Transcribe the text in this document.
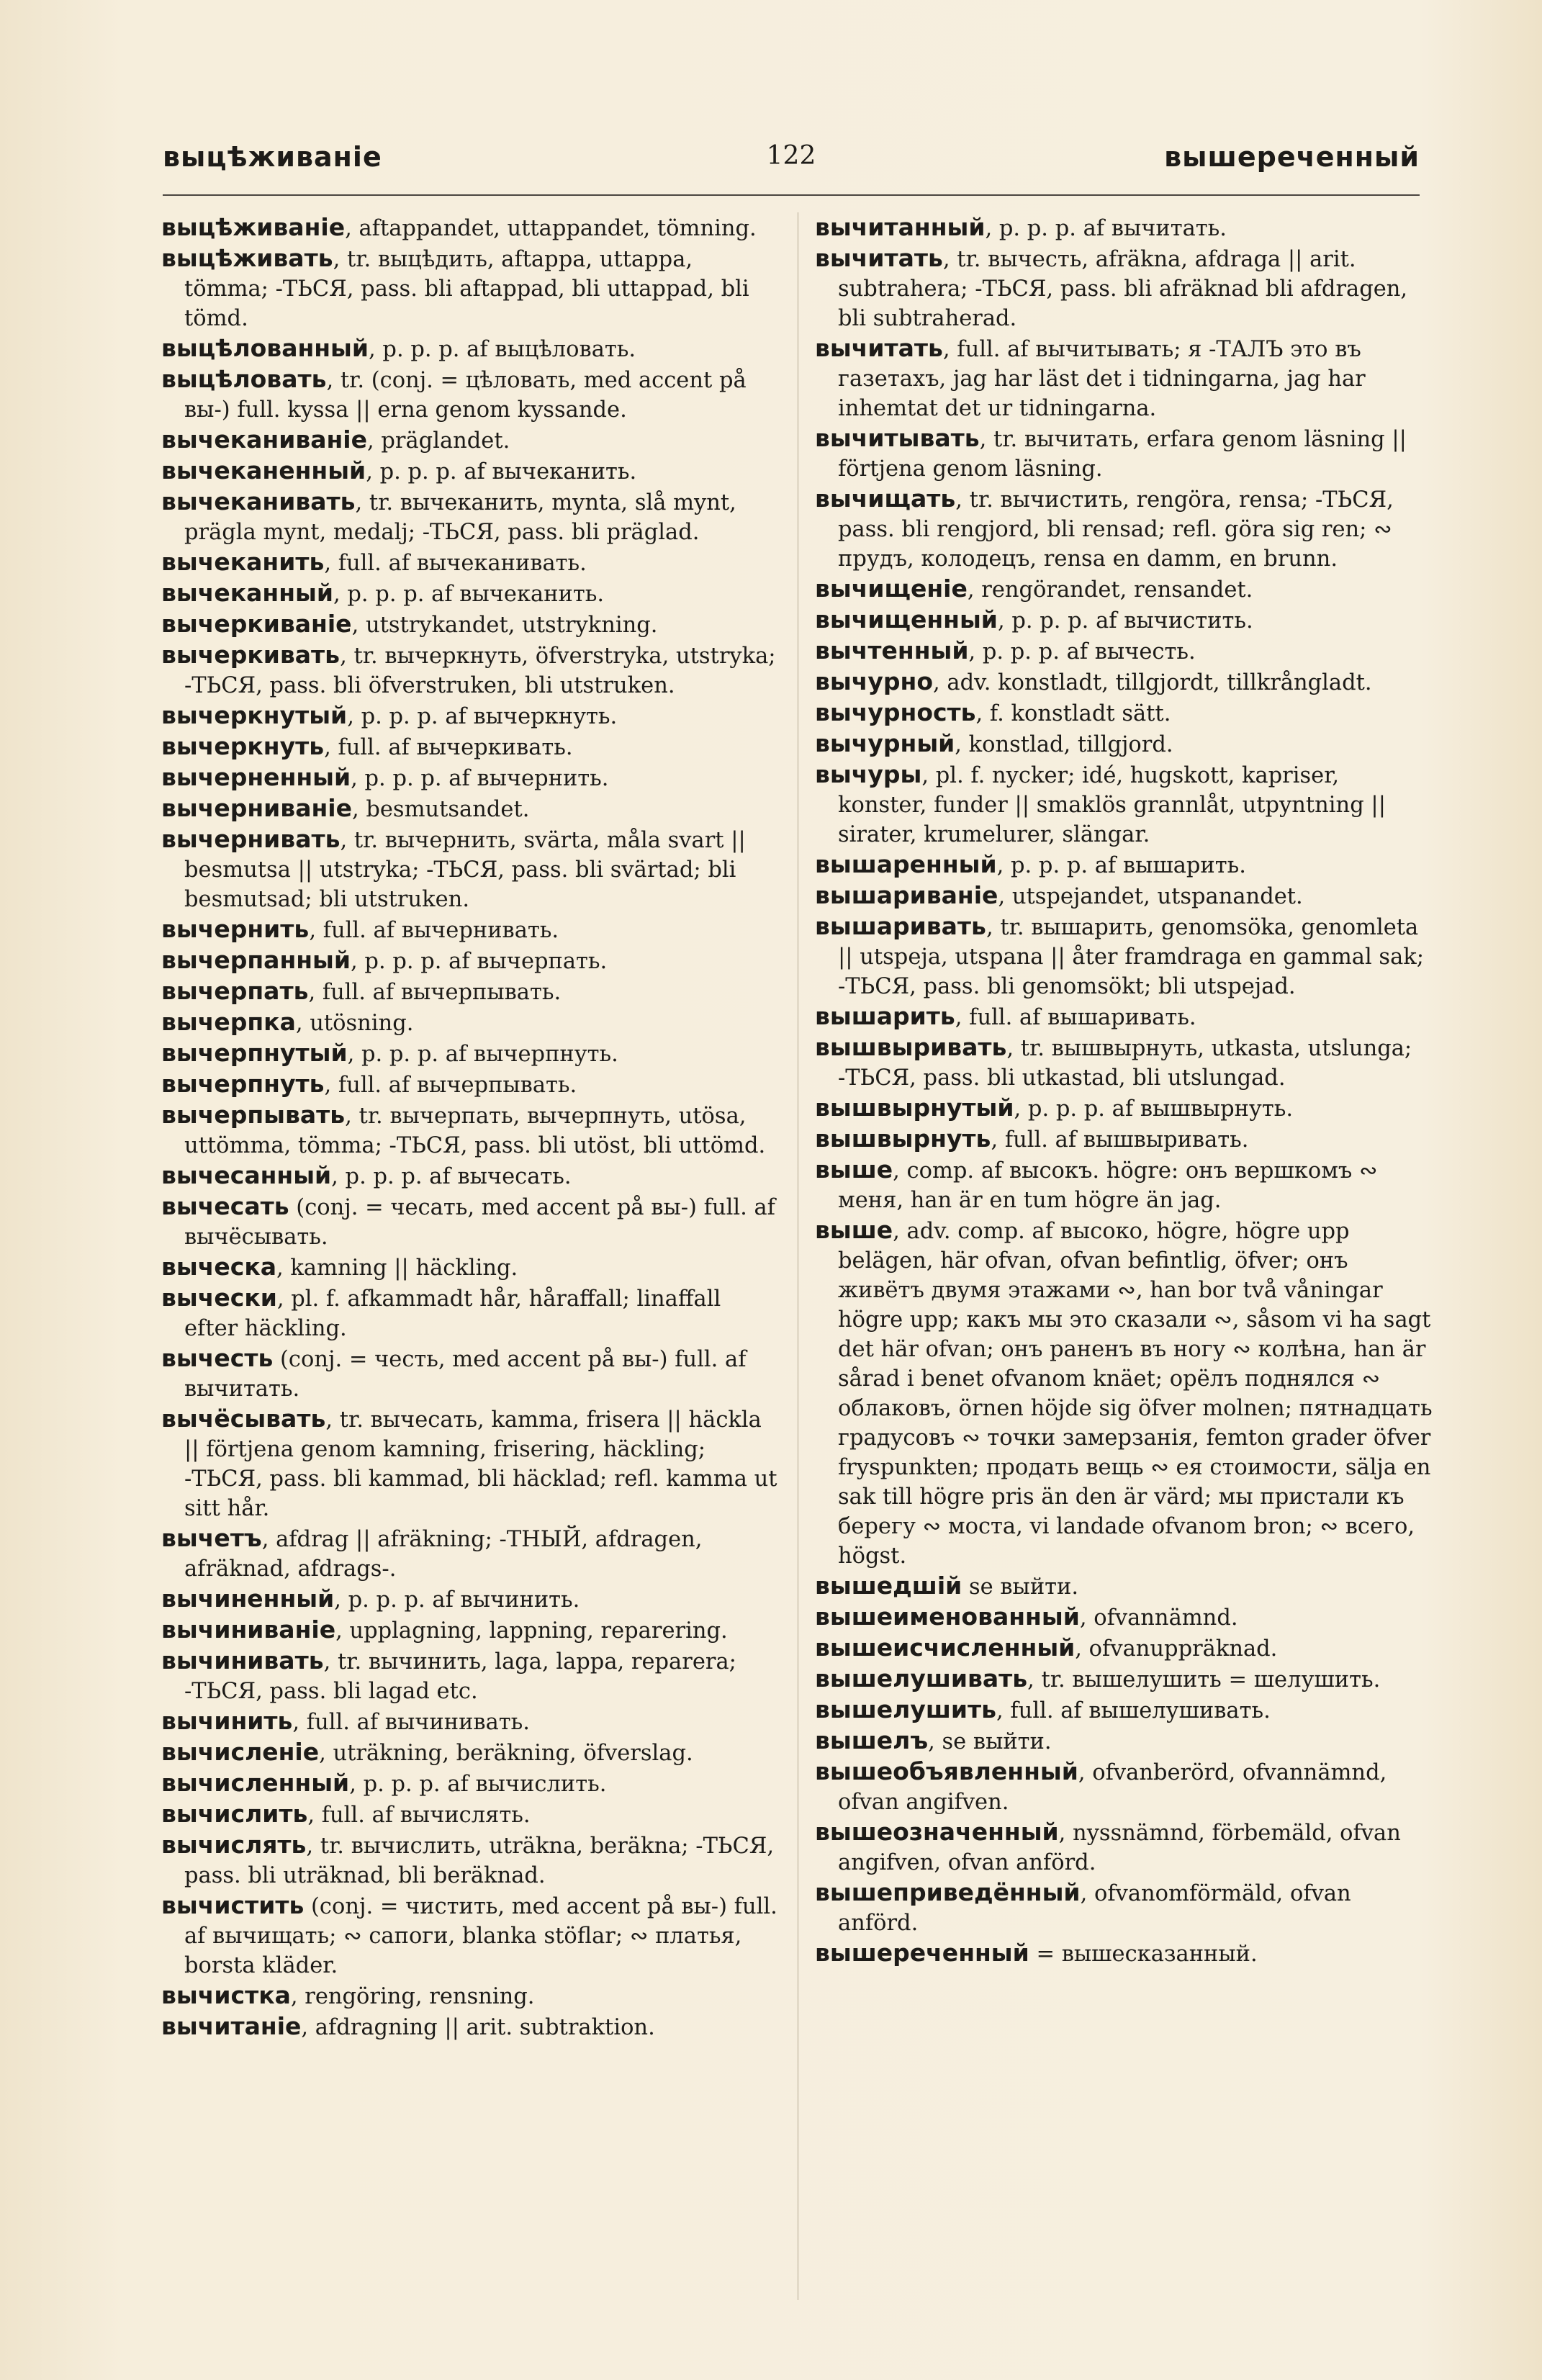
выцѣживаніе	122	вышереченный

выцѣживаніе, aftappandet, uttappandet, tömning.

выцѣживать, tr. выцѣдить, aftappa, uttappa, tömma; -ТЬСЯ, pass. bli aftappad, bli uttappad, bli tömd.

выцѣлованный, p. p. p. af выцѣловать.

выцѣловать, tr. (conj. = цѣловать, med accent på вы-) full. kyssa || erna genom kyssande.

вычеканиваніе, präglandet.

вычеканенный, p. p. p. af вычеканить.

вычеканивать, tr. вычеканить, mynta, slå mynt, prägla mynt, medalj; -ТЬСЯ, pass. bli präglad.

вычеканить, full. af вычеканивать.

вычеканный, p. p. p. af вычеканить.

вычеркиваніе, utstrykandet, utstrykning.

вычеркивать, tr. вычеркнуть, öfverstryka, utstryka; -ТЬСЯ, pass. bli öfverstruken, bli utstruken.

вычеркнутый, p. p. p. af вычеркнуть.

вычеркнуть, full. af вычеркивать.

вычерненный, p. p. p. af вычернить.

вычерниваніе, besmutsandet.

вычернивать, tr. вычернить, svärta, måla svart || besmutsa || utstryka; -ТЬСЯ, pass. bli svärtad; bli besmutsad; bli utstruken.

вычернить, full. af вычернивать.

вычерпанный, p. p. p. af вычерпать.

вычерпать, full. af вычерпывать.

вычерпка, utösning.

вычерпнутый, p. p. p. af вычерпнуть.

вычерпнуть, full. af вычерпывать.

вычерпывать, tr. вычерпать, вычерпнуть, utösa, uttömma, tömma; -ТЬСЯ, pass. bli utöst, bli uttömd.

вычесанный, p. p. p. af вычесать.

вычесать (conj. = чесать, med accent på вы-) full. af вычёсывать.

выческа, kamning || häckling.

вычески, pl. f. afkammadt hår, håraffall; linaffall efter häckling.

вычесть (conj. = честь, med accent på вы-) full. af вычитать.

вычёсывать, tr. вычесать, kamma, frisera || häckla || förtjena genom kamning, frisering, häckling; -ТЬСЯ, pass. bli kammad, bli häcklad; refl. kamma ut sitt hår.

вычетъ, afdrag || afräkning; -ТНЫЙ, afdragen, afräknad, afdrags-.

вычиненный, p. p. p. af вычинить.

вычиниваніе, upplagning, lappning, reparering.

вычинивать, tr. вычинить, laga, lappa, reparera; -ТЬСЯ, pass. bli lagad etc.

вычинить, full. af вычинивать.

вычисленіе, uträkning, beräkning, öfverslag.

вычисленный, p. p. p. af вычислить.

вычислить, full. af вычислять.

вычислять, tr. вычислить, uträkna, beräkna; -ТЬСЯ, pass. bli uträknad, bli beräknad.

вычистить (conj. = чистить, med accent på вы-) full. af вычищать; ∾ сапоги, blanka stöflar; ∾ платья, borsta kläder.

вычистка, rengöring, rensning.

вычитаніе, afdragning || arit. subtraktion.

вычитанный, p. p. p. af вычитать.

вычитать, tr. вычесть, afräkna, afdraga || arit. subtrahera; -ТЬСЯ, pass. bli afräknad bli afdragen, bli subtraherad.

вычитать, full. af вычитывать; я -ТАЛЪ это въ газетахъ, jag har läst det i tidningarna, jag har inhemtat det ur tidningarna.

вычитывать, tr. вычитать, erfara genom läsning || förtjena genom läsning.

вычищать, tr. вычистить, rengöra, rensa; -ТЬСЯ, pass. bli rengjord, bli rensad; refl. göra sig ren; ∾ прудъ, колодецъ, rensa en damm, en brunn.

вычищеніе, rengörandet, rensandet.

вычищенный, p. p. p. af вычистить.

вычтенный, p. p. p. af вычесть.

вычурно, adv. konstladt, tillgjordt, tillkrångladt.

вычурность, f. konstladt sätt.

вычурный, konstlad, tillgjord.

вычуры, pl. f. nycker; idé, hugskott, kapriser, konster, funder || smaklös grannlåt, utpyntning || sirater, krumelurer, slängar.

вышаренный, p. p. p. af вышарить.

вышариваніе, utspejandet, utspanandet.

вышаривать, tr. вышарить, genomsöka, genomleta || utspeja, utspana || åter framdraga en gammal sak; -ТЬСЯ, pass. bli genomsökt; bli utspejad.

вышарить, full. af вышаривать.

вышвыривать, tr. вышвырнуть, utkasta, utslunga; -ТЬСЯ, pass. bli utkastad, bli utslungad.

вышвырнутый, p. p. p. af вышвырнуть.

вышвырнуть, full. af вышвыривать.

выше, comp. af высокъ. högre: онъ вершкомъ ∾ меня, han är en tum högre än jag.

выше, adv. comp. af высоко, högre, högre upp belägen, här ofvan, ofvan befintlig, öfver; онъ живётъ двумя этажами ∾, han bor två våningar högre upp; какъ мы это сказали ∾, såsom vi ha sagt det här ofvan; онъ раненъ въ ногу ∾ колѣна, han är sårad i benet ofvanom knäet; орёлъ поднялся ∾ облаковъ, örnen höjde sig öfver molnen; пятнадцать градусовъ ∾ точки замерзанія, femton grader öfver fryspunkten; продать вещь ∾ ея стоимости, sälja en sak till högre pris än den är värd; мы пристали къ берегу ∾ моста, vi landade ofvanom bron; ∾ всего, högst.

вышедшій se выйти.

вышеименованный, ofvannämnd.

вышеисчисленный, ofvanuppräknad.

вышелушивать, tr. вышелушить = шелушить.

вышелушить, full. af вышелушивать.

вышелъ, se выйти.

вышеобъявленный, ofvanberörd, ofvannämnd, ofvan angifven.

вышеозначенный, nyssnämnd, förbemäld, ofvan angifven, ofvan anförd.

вышеприведённый, ofvanomförmäld, ofvan anförd.

вышереченный = вышесказанный.
